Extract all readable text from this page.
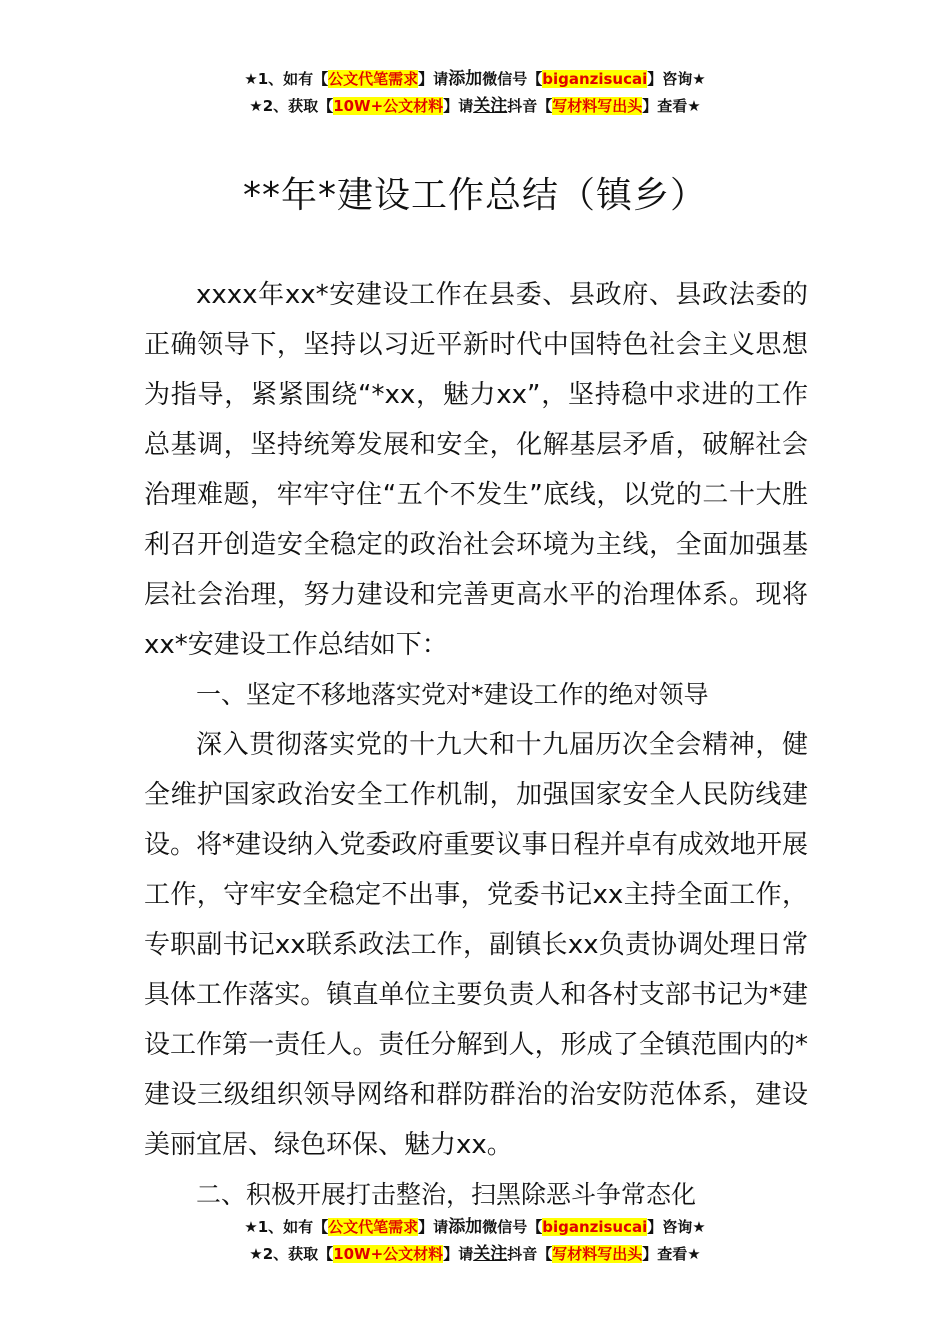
★1、如有【公文代笔需求】请添加微信号【biganzisucai】咨询★
★2、获取【10W+公文材料】请关注抖音【写材料写出头】查看★
**年*建设工作总结（镇乡）

xxxx年xx*安建设工作在县委、县政府、县政法委的正确领导下，坚持以习近平新时代中国特色社会主义思想为指导，紧紧围绕“*xx，魅力xx”，坚持稳中求进的工作总基调，坚持统筹发展和安全，化解基层矛盾，破解社会治理难题，牢牢守住“五个不发生”底线，以党的二十大胜利召开创造安全稳定的政治社会环境为主线，全面加强基层社会治理，努力建设和完善更高水平的治理体系。现将xx*安建设工作总结如下：

一、坚定不移地落实党对*建设工作的绝对领导

深入贯彻落实党的十九大和十九届历次全会精神，健全维护国家政治安全工作机制，加强国家安全人民防线建设。将*建设纳入党委政府重要议事日程并卓有成效地开展工作，守牢安全稳定不出事，党委书记xx主持全面工作，专职副书记xx联系政法工作，副镇长xx负责协调处理日常具体工作落实。镇直单位主要负责人和各村支部书记为*建设工作第一责任人。责任分解到人，形成了全镇范围内的*建设三级组织领导网络和群防群治的治安防范体系，建设美丽宜居、绿色环保、魅力xx。

二、积极开展打击整治，扫黑除恶斗争常态化

★1、如有【公文代笔需求】请添加微信号【biganzisucai】咨询★
★2、获取【10W+公文材料】请关注抖音【写材料写出头】查看★
